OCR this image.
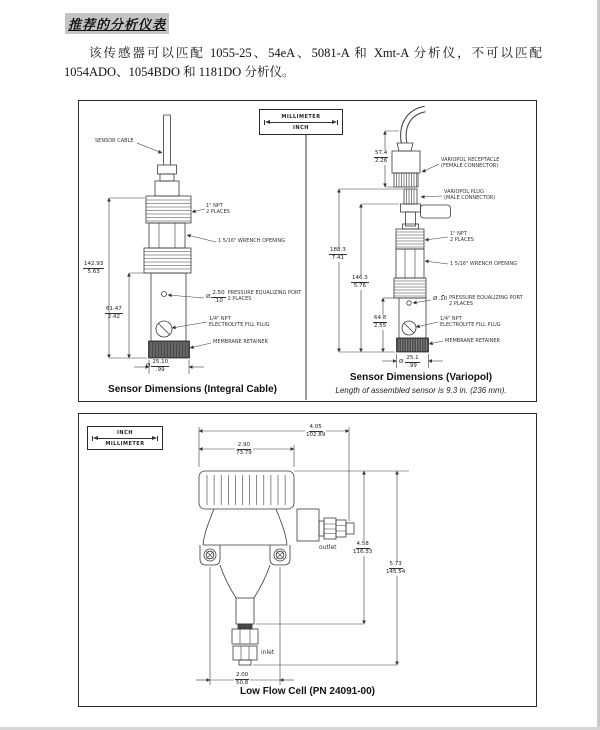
推荐的分析仪表
该传感器可以匹配 1055-25、54eA、5081-A 和 Xmt-A 分析仪，不可以匹配 1054ADO、1054BDO 和 1181DO 分析仪。
MILLIMETER
INCH
SENSOR CABLE
1" NPT
2 PLACES
1 5/16" WRENCH OPENING
Ø $\frac{2.50}{.10}$ PRESSURE EQUALIZING PORT
2 PLACES
1/4" NPT
ELECTROLYTE FILL PLUG
MEMBRANE RETAINER
$\frac{142.93}{5.63}$
$\frac{61.47}{2.42}$
Ø $\frac{25.10}{.99}$
VARIOPOL RECEPTACLE
(FEMALE CONNECTOR)
VARIOPOL PLUG
(MALE CONNECTOR)
1" NPT
2 PLACES
1 5/16" WRENCH OPENING
Ø .10 PRESSURE EQUALIZING PORT
2 PLACES
1/4" NPT
ELECTROLYTE FILL PLUG
MEMBRANE RETAINER
$\frac{57.4}{2.26}$
$\frac{188.3}{7.41}$
$\frac{146.3}{5.76}$
$\frac{64.8}{2.55}$
Ø $\frac{25.1}{.99}$
Sensor Dimensions (Integral Cable)
Sensor Dimensions (Variopol)
Length of assembled sensor is 9.3 in. (236 mm).
INCH
MILLIMETER
outlet
inlet
$\frac{4.05}{102.89}$
$\frac{2.90}{73.79}$
$\frac{4.58}{116.33}$
$\frac{5.73}{145.54}$
$\frac{2.00}{50.8}$
Low Flow Cell (PN 24091-00)
